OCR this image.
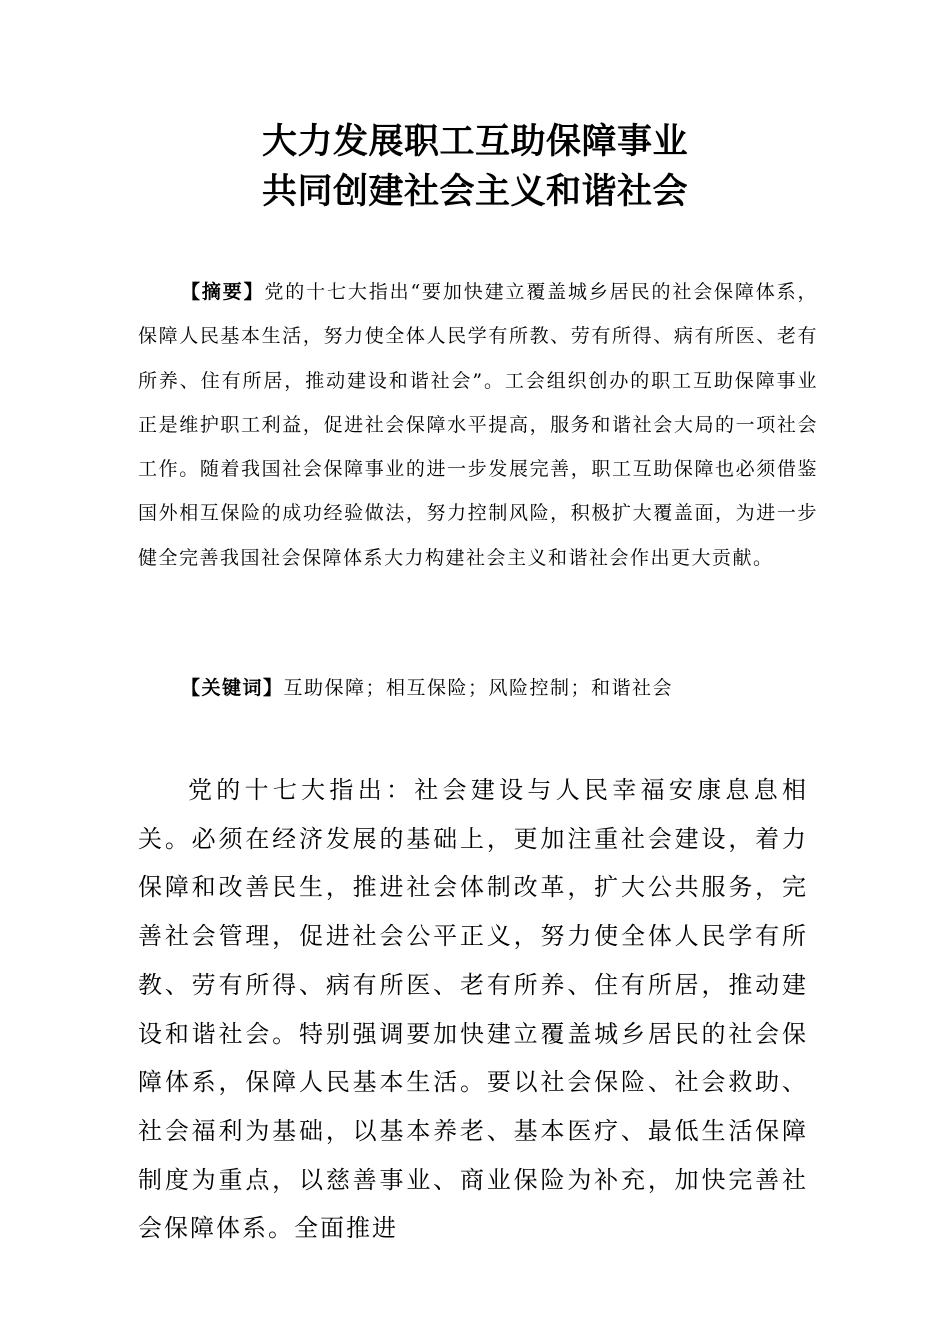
大力发展职工互助保障事业
共同创建社会主义和谐社会
【摘要】党的十七大指出“要加快建立覆盖城乡居民的社会保障体系，保障人民基本生活，努力使全体人民学有所教、劳有所得、病有所医、老有所养、住有所居，推动建设和谐社会”。工会组织创办的职工互助保障事业正是维护职工利益，促进社会保障水平提高，服务和谐社会大局的一项社会工作。随着我国社会保障事业的进一步发展完善，职工互助保障也必须借鉴国外相互保险的成功经验做法，努力控制风险，积极扩大覆盖面，为进一步健全完善我国社会保障体系大力构建社会主义和谐社会作出更大贡献。
【关键词】互助保障；相互保险；风险控制；和谐社会
党的十七大指出：社会建设与人民幸福安康息息相关。必须在经济发展的基础上，更加注重社会建设，着力保障和改善民生，推进社会体制改革，扩大公共服务，完善社会管理，促进社会公平正义，努力使全体人民学有所教、劳有所得、病有所医、老有所养、住有所居，推动建设和谐社会。特别强调要加快建立覆盖城乡居民的社会保障体系，保障人民基本生活。要以社会保险、社会救助、社会福利为基础，以基本养老、基本医疗、最低生活保障制度为重点，以慈善事业、商业保险为补充，加快完善社会保障体系。全面推进
